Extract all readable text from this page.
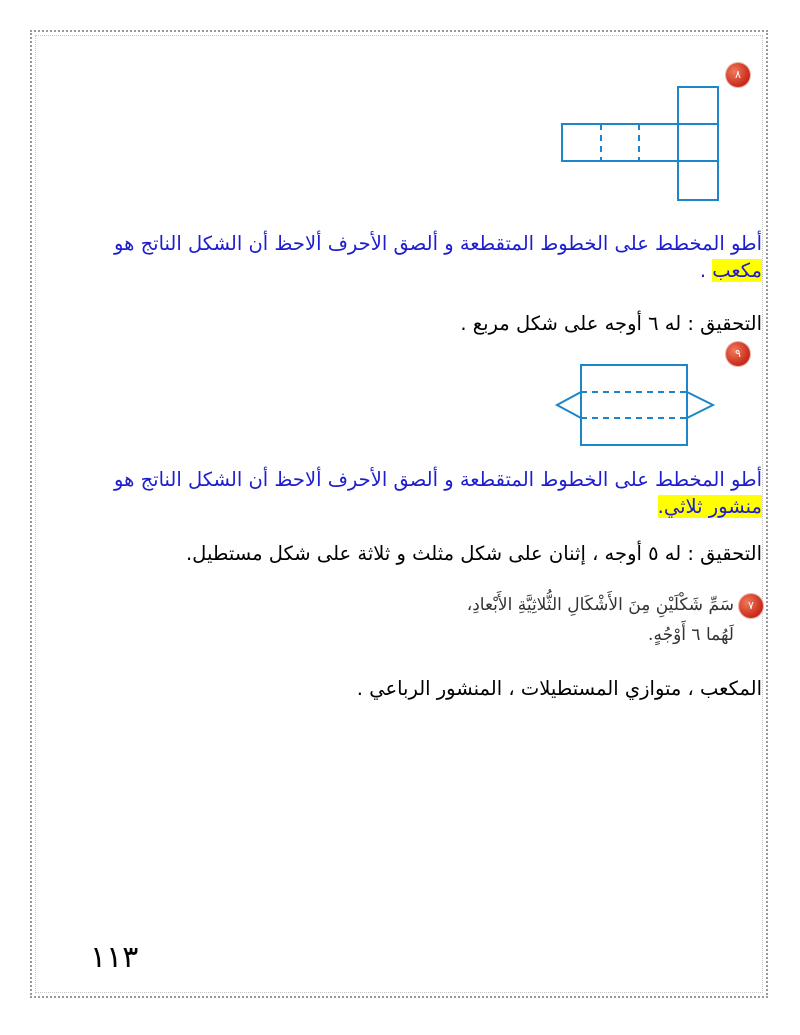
٨
أطو المخطط على الخطوط المتقطعة و ألصق الأحرف ألاحظ أن الشكل الناتج هو
مكعب .
التحقيق : له ٦ أوجه على شكل مربع .
٩
أطو المخطط على الخطوط المتقطعة و ألصق الأحرف ألاحظ أن الشكل الناتج هو
منشور ثلاثي.
التحقيق : له ٥ أوجه ، إثنان على شكل مثلث و ثلاثة على شكل مستطيل.
٧
سَمِّ شَكْلَيْنِ مِنَ الأَشْكَالِ الثُّلاثِيَّةِ الأَبْعادِ،
لَهُما ٦ أَوْجُهٍ.
المكعب ، متوازي المستطيلات ، المنشور الرباعي .
١١٣
